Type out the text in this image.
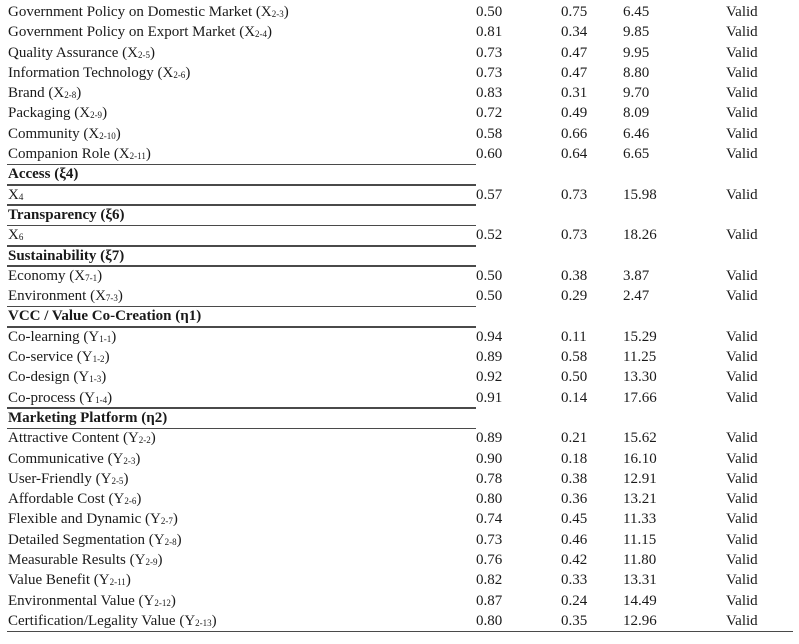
Government Policy on Domestic Market $(X_{2-3})$	0.50	0.75 6.45	Valid
Government Policy on Export Market $(X_{2-4})$	0.81	0.34 9.85	Valid
Quality Assurance $(X_{2-5})$	0.73	0.47 9.95	Valid
Information Technology $(X_{2-6})$	0.73	0.47 8.80	Valid
Brand $(X_{2-8})$	0.83	0.31 9.70	Valid
Packaging $(X_{2-9})$	0.72	0.49 8.09	Valid
Community $(X_{2-10})$	0.58	0.66 6.46	Valid
Companion Role $(X_{2-11})$	0.60	0.64 6.65	Valid
Access (ξ4)
$X_4$	0.57	0.73 15.98	Valid
Transparency (ξ6)
$X_6$	0.52	0.73 18.26	Valid
Sustainability (ξ7)
Economy $(X_{7-1})$	0.50	0.38 3.87	Valid
Environment $(X_{7-3})$	0.50	0.29 2.47	Valid
VCC / Value Co-Creation (η1)
Co-learning $(Y_{1-1})$	0.94	0.11 15.29	Valid
Co-service $(Y_{1-2})$	0.89	0.58 11.25	Valid
Co-design $(Y_{1-3})$	0.92	0.50 13.30	Valid
Co-process $(Y_{1-4})$	0.91	0.14 17.66	Valid
Marketing Platform (η2)
Attractive Content $(Y_{2-2})$	0.89	0.21 15.62	Valid
Communicative $(Y_{2-3})$	0.90	0.18 16.10	Valid
User-Friendly $(Y_{2-5})$	0.78	0.38 12.91	Valid
Affordable Cost $(Y_{2-6})$	0.80	0.36 13.21	Valid
Flexible and Dynamic $(Y_{2-7})$	0.74	0.45 11.33	Valid
Detailed Segmentation $(Y_{2-8})$	0.73	0.46 11.15	Valid
Measurable Results $(Y_{2-9})$	0.76	0.42 11.80	Valid
Value Benefit $(Y_{2-11})$	0.82	0.33 13.31	Valid
Environmental Value $(Y_{2-12})$	0.87	0.24 14.49	Valid
Certification/Legality Value $(Y_{2-13})$	0.80	0.35 12.96	Valid
